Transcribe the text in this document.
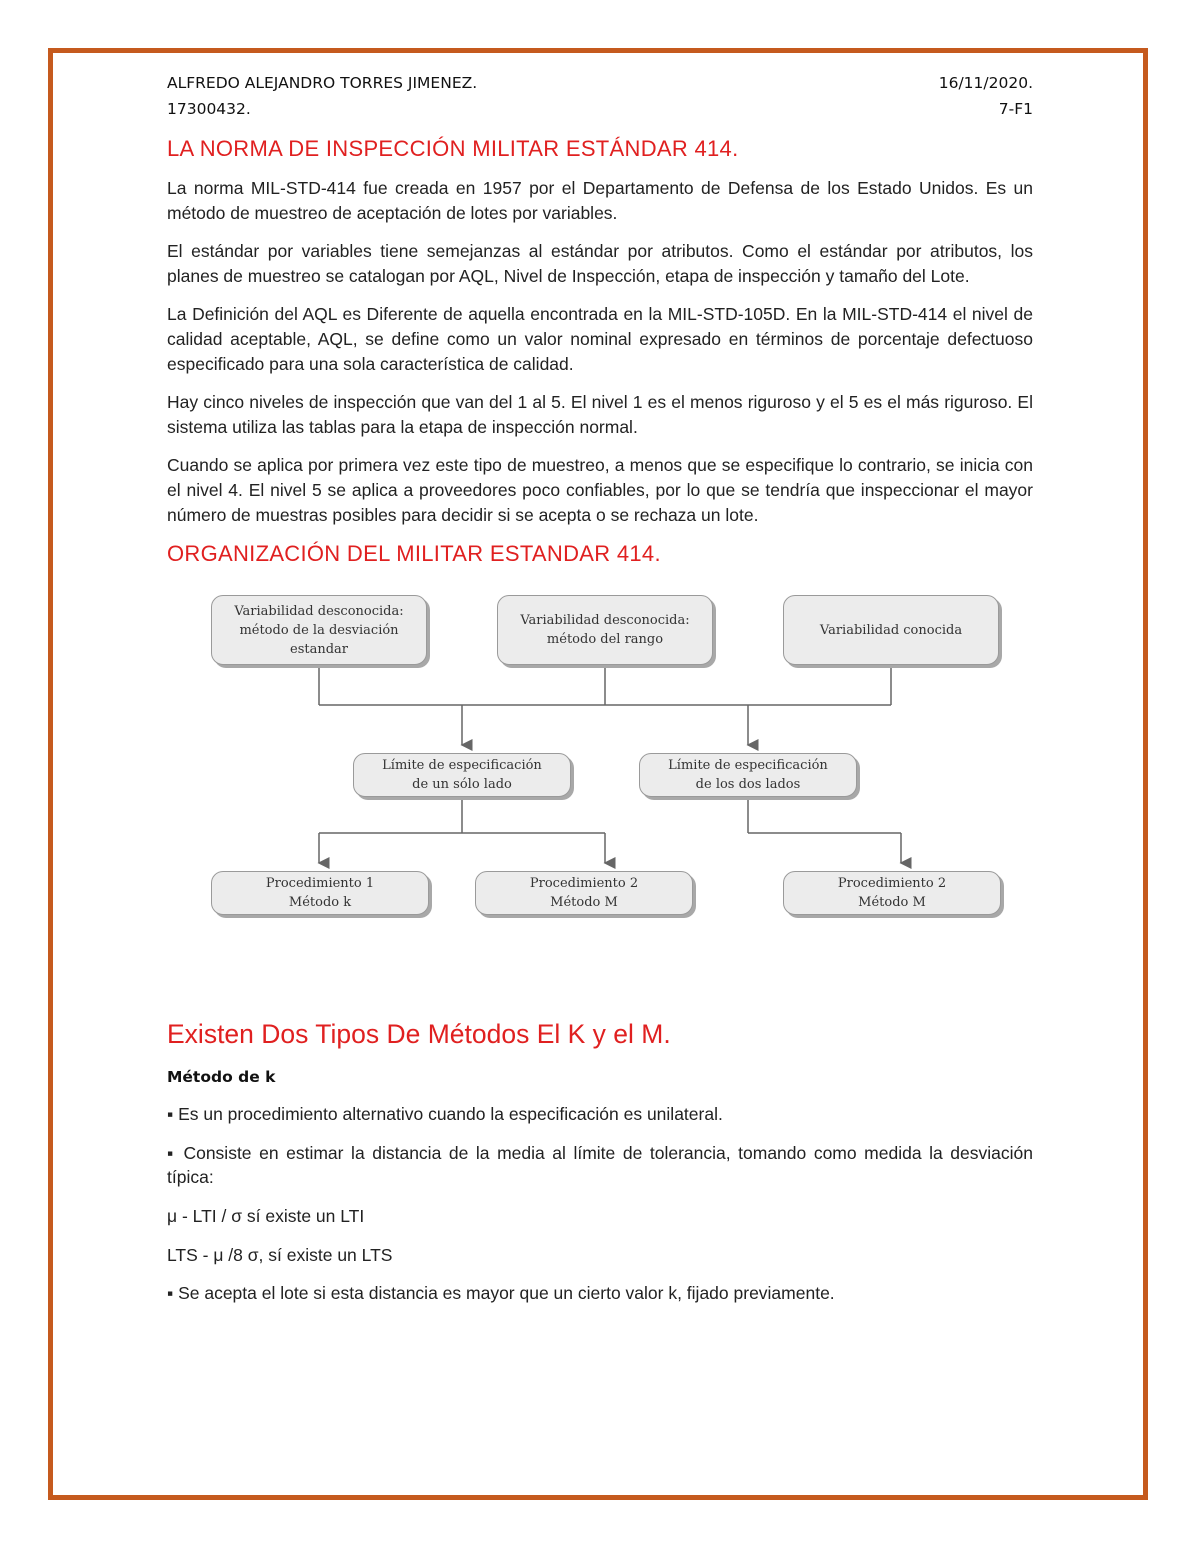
ALFREDO ALEJANDRO TORRES JIMENEZ.	16/11/2020.
17300432.	7-F1
LA NORMA DE INSPECCIÓN MILITAR ESTÁNDAR 414.

La norma MIL-STD-414 fue creada en 1957 por el Departamento de Defensa de los Estado Unidos. Es un método de muestreo de aceptación de lotes por variables.

El estándar por variables tiene semejanzas al estándar por atributos. Como el estándar por atributos, los planes de muestreo se catalogan por AQL, Nivel de Inspección, etapa de inspección y tamaño del Lote.

La Definición del AQL es Diferente de aquella encontrada en la MIL-STD-105D. En la MIL-STD-414 el nivel de calidad aceptable, AQL, se define como un valor nominal expresado en términos de porcentaje defectuoso especificado para una sola característica de calidad.

Hay cinco niveles de inspección que van del 1 al 5. El nivel 1 es el menos riguroso y el 5 es el más riguroso. El sistema utiliza las tablas para la etapa de inspección normal.

Cuando se aplica por primera vez este tipo de muestreo, a menos que se especifique lo contrario, se inicia con el nivel 4. El nivel 5 se aplica a proveedores poco confiables, por lo que se tendría que inspeccionar el mayor número de muestras posibles para decidir si se acepta o se rechaza un lote.

ORGANIZACIÓN DEL MILITAR ESTANDAR 414.
Variabilidad desconocida:
método de la desviación
estandar
Variabilidad desconocida:
método del rango
Variabilidad conocida
Límite de especificación
de un sólo lado
Límite de especificación
de los dos lados
Procedimiento 1
Método k
Procedimiento 2
Método M
Procedimiento 2
Método M
Existen Dos Tipos De Métodos El K y el M.
Método de k

▪ Es un procedimiento alternativo cuando la especificación es unilateral.

▪ Consiste en estimar la distancia de la media al límite de tolerancia, tomando como medida la desviación típica:

μ - LTI / σ sí existe un LTI

LTS - μ /8 σ, sí existe un LTS

▪ Se acepta el lote si esta distancia es mayor que un cierto valor k, fijado previamente.
